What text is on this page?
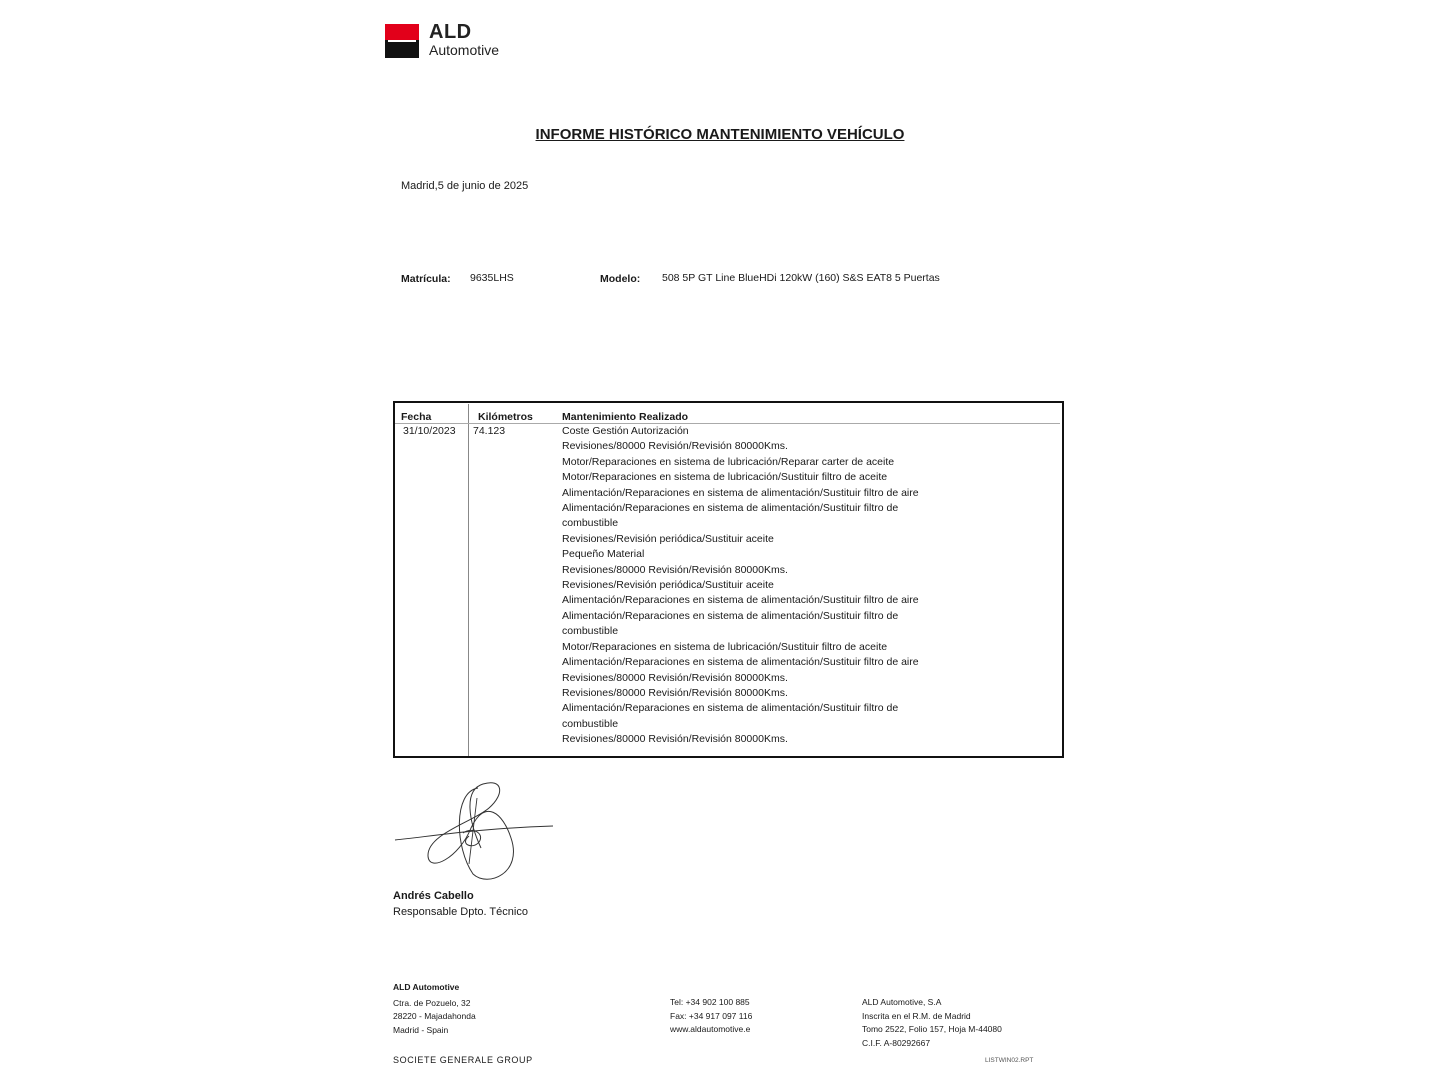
ALD
Automotive
INFORME HISTÓRICO MANTENIMIENTO VEHÍCULO
Madrid,5 de junio de 2025
Matrícula: 9635LHS	Modelo: 508 5P GT Line BlueHDi 120kW (160) S&S EAT8 5 Puertas
Fecha	Kilómetros	Mantenimiento Realizado
31/10/2023 74.123	Coste Gestión Autorización
Revisiones/80000 Revisión/Revisión 80000Kms.
Motor/Reparaciones en sistema de lubricación/Reparar carter de aceite
Motor/Reparaciones en sistema de lubricación/Sustituir filtro de aceite
Alimentación/Reparaciones en sistema de alimentación/Sustituir filtro de aire
Alimentación/Reparaciones en sistema de alimentación/Sustituir filtro de
combustible
Revisiones/Revisión periódica/Sustituir aceite
Pequeño Material
Revisiones/80000 Revisión/Revisión 80000Kms.
Revisiones/Revisión periódica/Sustituir aceite
Alimentación/Reparaciones en sistema de alimentación/Sustituir filtro de aire
Alimentación/Reparaciones en sistema de alimentación/Sustituir filtro de
combustible
Motor/Reparaciones en sistema de lubricación/Sustituir filtro de aceite
Alimentación/Reparaciones en sistema de alimentación/Sustituir filtro de aire
Revisiones/80000 Revisión/Revisión 80000Kms.
Revisiones/80000 Revisión/Revisión 80000Kms.
Alimentación/Reparaciones en sistema de alimentación/Sustituir filtro de
combustible
Revisiones/80000 Revisión/Revisión 80000Kms.
Andrés Cabello
Responsable Dpto. Técnico
ALD Automotive
Ctra. de Pozuelo, 32
28220 - Majadahonda
Madrid - Spain
Tel: +34 902 100 885
Fax: +34 917 097 116
www.aldautomotive.e
ALD Automotive, S.A
Inscrita en el R.M. de Madrid
Tomo 2522, Folio 157, Hoja M-44080
C.I.F. A-80292667
SOCIETE GENERALE GROUP	LISTWIN02.RPT
